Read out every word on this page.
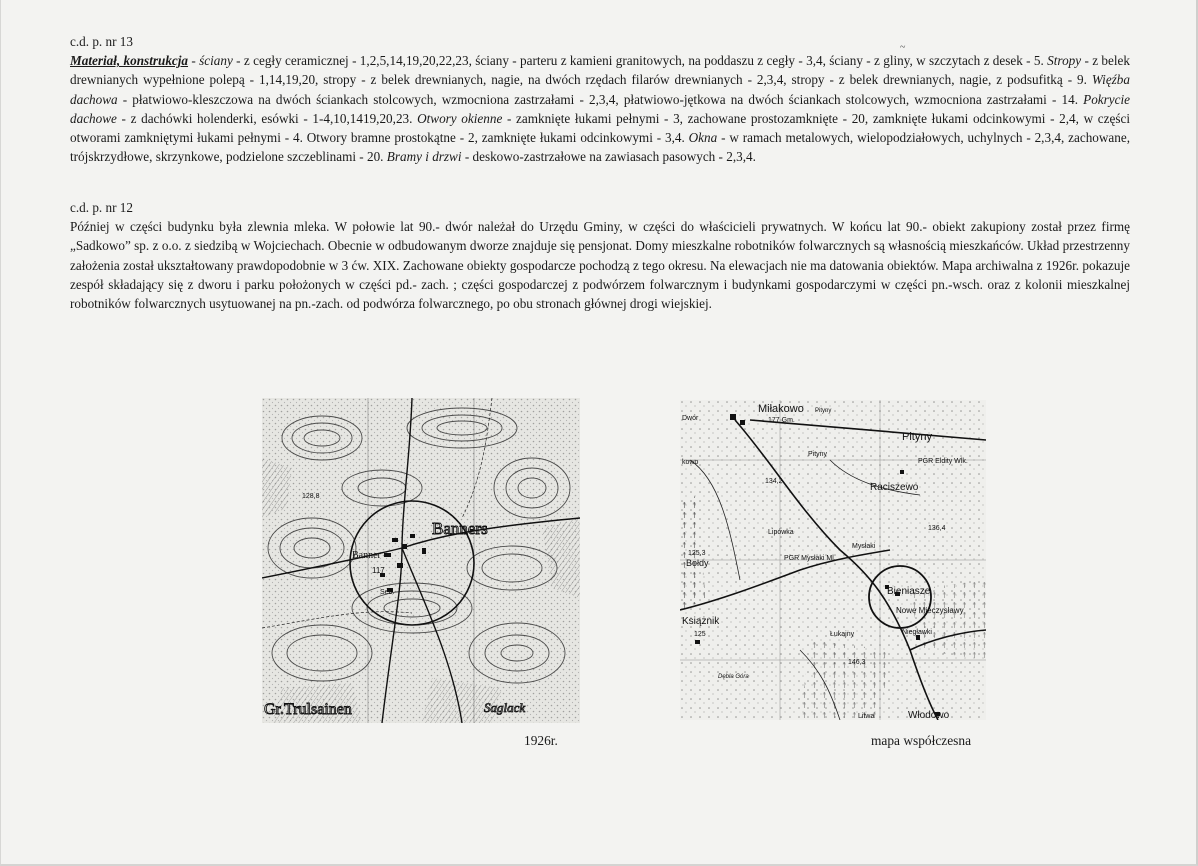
~
c.d. p. nr 13
Materiał, konstrukcja - ściany - z cegły ceramicznej - 1,2,5,14,19,20,22,23, ściany - parteru z kamieni granitowych, na poddaszu z cegły - 3,4, ściany - z gliny, w szczytach z desek - 5. Stropy - z belek drewnianych wypełnione polepą - 1,14,19,20, stropy - z belek drewnianych, nagie, na dwóch rzędach filarów drewnianych - 2,3,4, stropy - z belek drewnianych, nagie, z podsufitką - 9. Więźba dachowa - płatwiowo-kleszczowa na dwóch ściankach stolcowych, wzmocniona zastrzałami - 2,3,4, płatwiowo-jętkowa na dwóch ściankach stolcowych, wzmocniona zastrzałami - 14. Pokrycie dachowe - z dachówki holenderki, esówki - 1-4,10,1419,20,23. Otwory okienne - zamknięte łukami pełnymi - 3, zachowane prostozamknięte - 20, zamknięte łukami odcinkowymi - 2,4, w części otworami zamkniętymi łukami pełnymi - 4. Otwory bramne prostokątne - 2, zamknięte łukami odcinkowymi - 3,4. Okna - w ramach metalowych, wielopodziałowych, uchylnych - 2,3,4, zachowane, trójskrzydłowe, skrzynkowe, podzielone szczeblinami - 20. Bramy i drzwi - deskowo-zastrzałowe na zawiasach pasowych - 2,3,4.
c.d. p. nr 12
Później w części budynku była zlewnia mleka. W połowie lat 90.- dwór należał do Urzędu Gminy, w części do właścicieli prywatnych. W końcu lat 90.- obiekt zakupiony został przez firmę „Sadkowo” sp. z o.o. z siedzibą w Wojciechach. Obecnie w odbudowanym dworze znajduje się pensjonat. Domy mieszkalne robotników folwarcznych są własnością mieszkańców. Układ przestrzenny założenia został ukształtowany prawdopodobnie w 3 ćw. XIX. Zachowane obiekty gospodarcze pochodzą z tego okresu. Na elewacjach nie ma datowania obiektów. Mapa archiwalna z 1926r. pokazuje zespół składający się z dworu i parku położonych w części pd.- zach. ; części gospodarczej z podwórzem folwarcznym i budynkami gospodarczymi w części pn.-wsch. oraz z kolonii mieszkalnej robotników folwarcznych usytuowanej na pn.-zach. od podwórza folwarcznego, po obu stronach głównej drogi wiejskiej.
Banners
Banner
117
128,8
Seb.
Gr.Trulsainen	Saglack
1926r.
Miłakowo Pityny
Dwór	177 Gm.
Pityny
Pityny
kowo	PGR Eldity Wlk.
Raciszewo
134,2
Lipówka
Mysłaki
136,4
125,3
Bołdy	PGR Mysłaki Ml.
Bieniasze
Nowe Mieczysławy
Książnik
125	Niegławki
Łukajny
146,3
Dębla Góra
Litwa	Włodowo
mapa współczesna
